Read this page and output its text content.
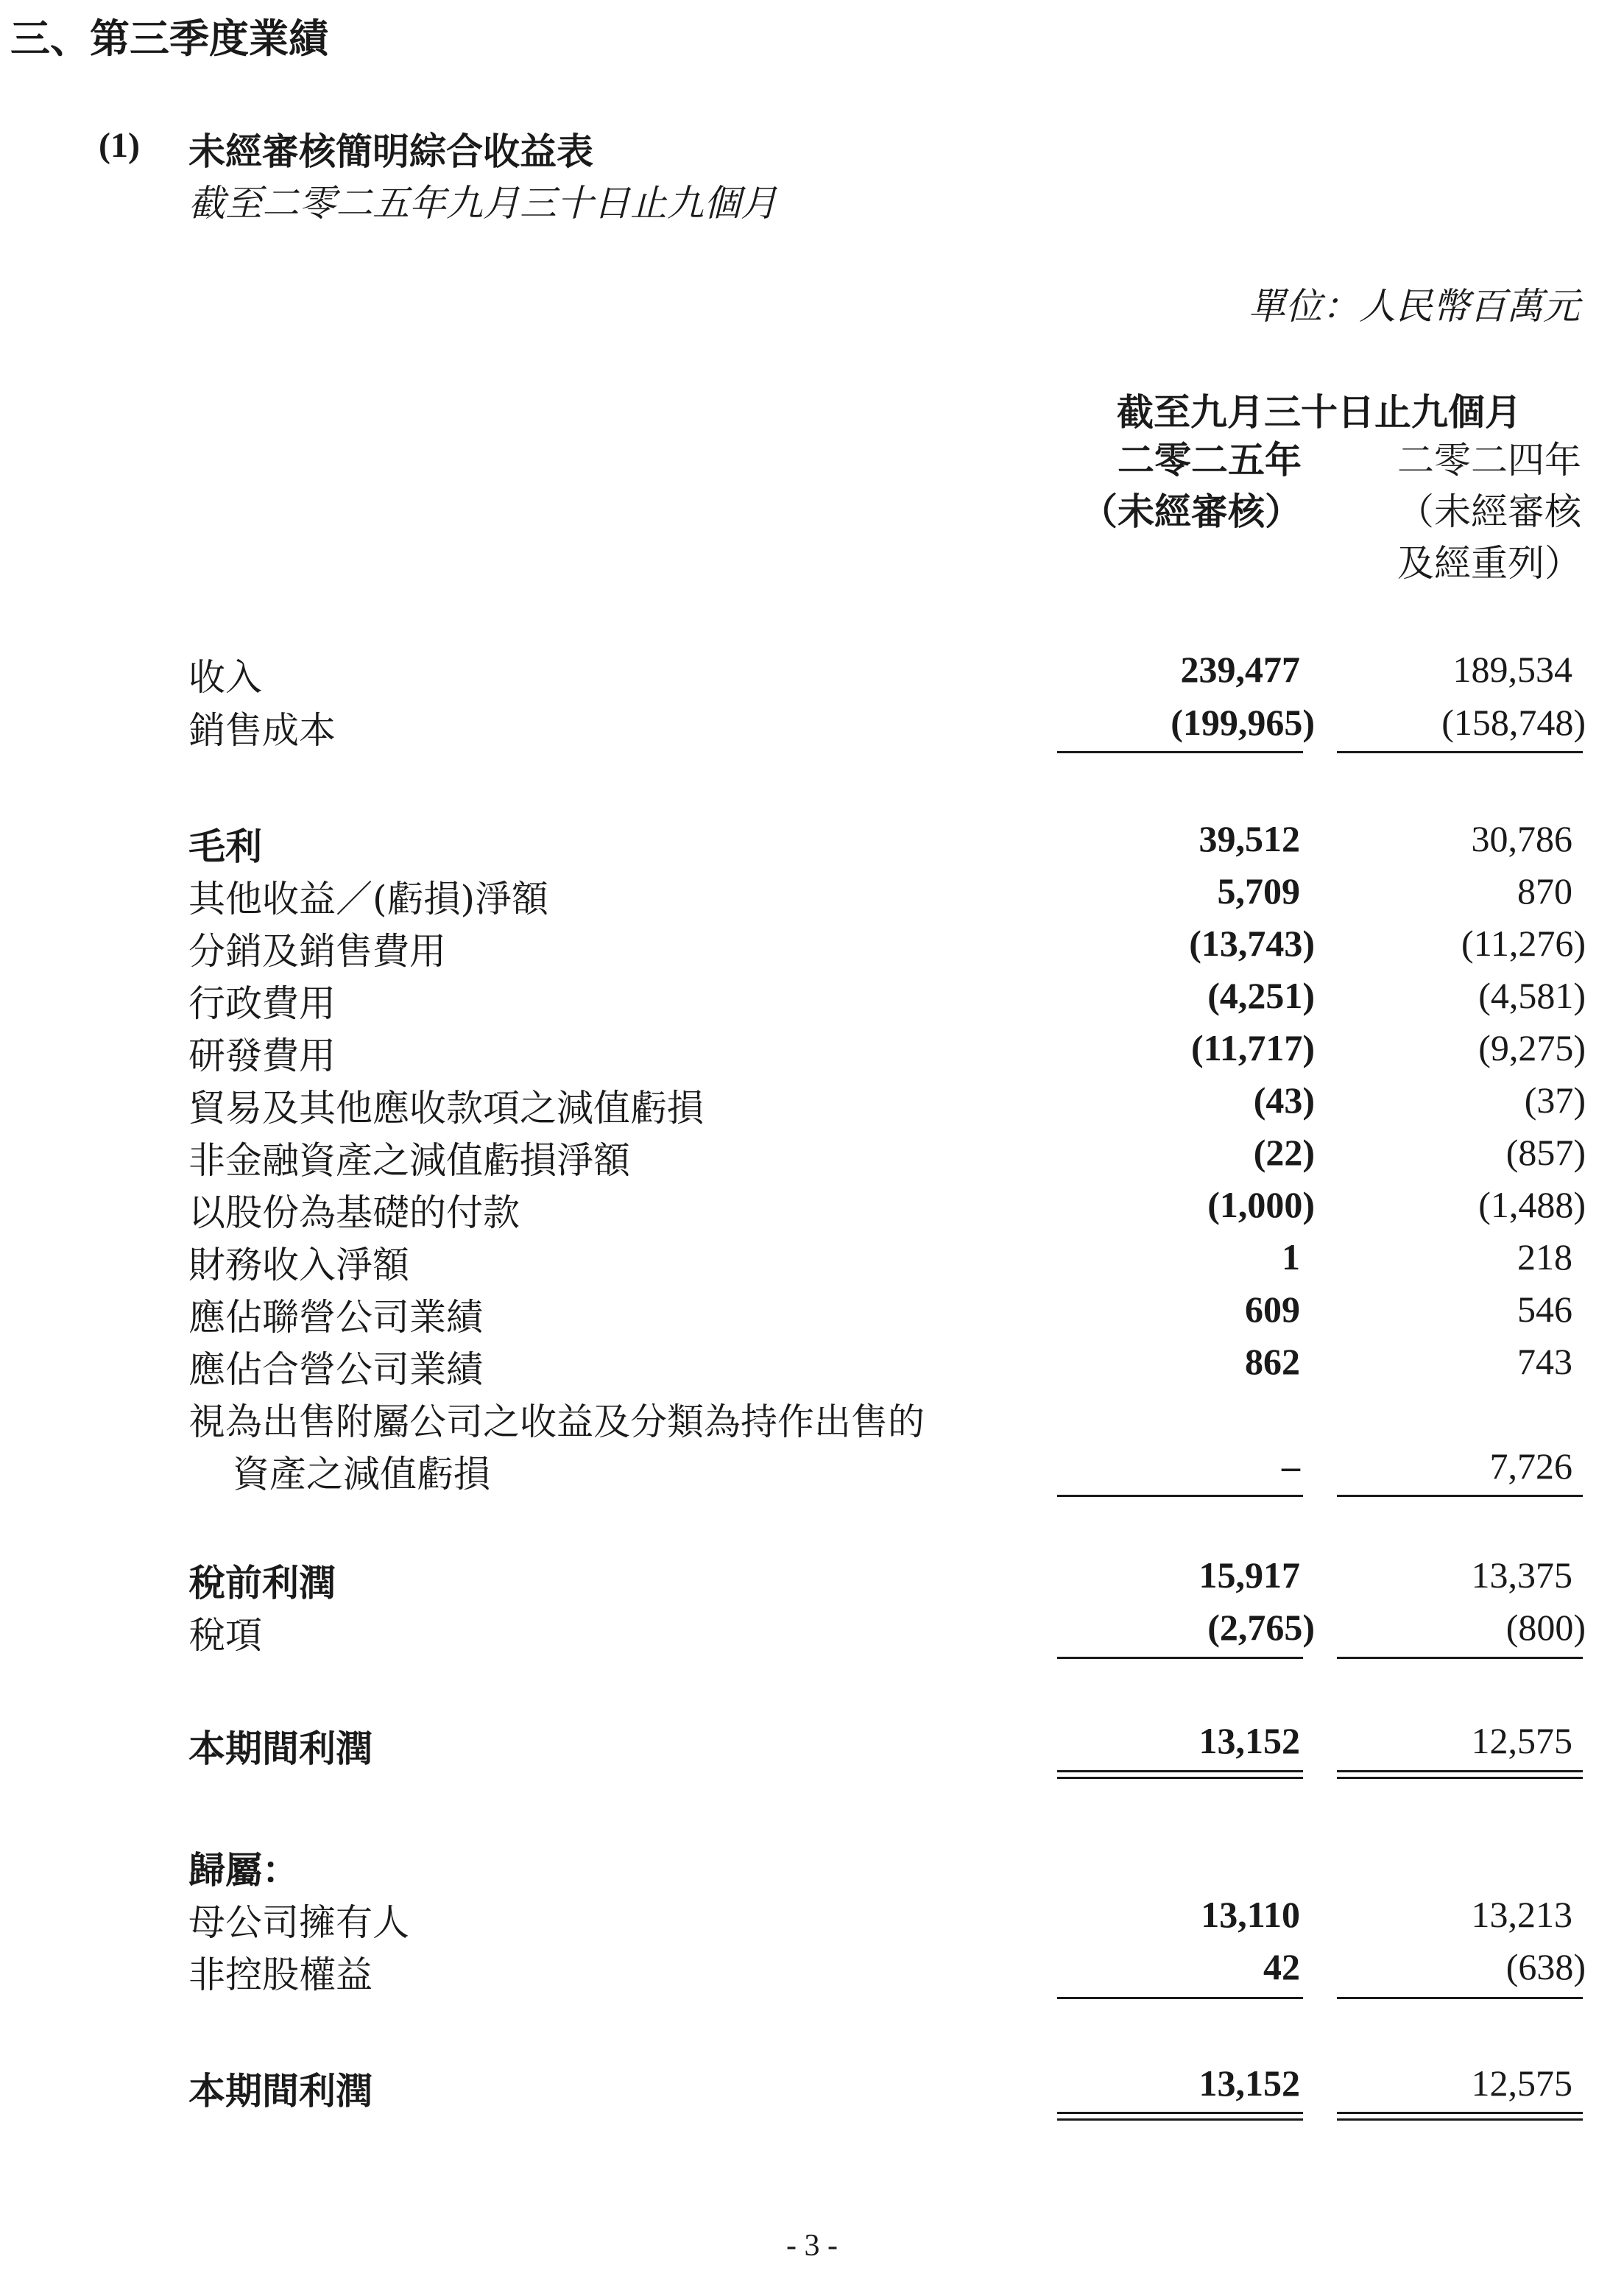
三、第三季度業績
(1) 未經審核簡明綜合收益表
截至二零二五年九月三十日止九個月
單位：人民幣百萬元
截至九月三十日止九個月
二零二五年
（未經審核）
二零二四年
（未經審核
及經重列）
收入	239,477	189,534
銷售成本	(199,965)	(158,748)
毛利	39,512	30,786
其他收益／(虧損)淨額	5,709	870
分銷及銷售費用	(13,743)	(11,276)
行政費用	(4,251)	(4,581)
研發費用	(11,717)	(9,275)
貿易及其他應收款項之減值虧損	(43)	(37)
非金融資產之減值虧損淨額	(22)	(857)
以股份為基礎的付款	(1,000)	(1,488)
財務收入淨額	1	218
應佔聯營公司業績	609	546
應佔合營公司業績	862	743
視為出售附屬公司之收益及分類為持作出售的
資產之減值虧損	–	7,726
稅前利潤	15,917	13,375
稅項	(2,765)	(800)
本期間利潤	13,152	12,575
歸屬：
母公司擁有人	13,110	13,213
非控股權益	42	(638)
本期間利潤	13,152	12,575
- 3 -
